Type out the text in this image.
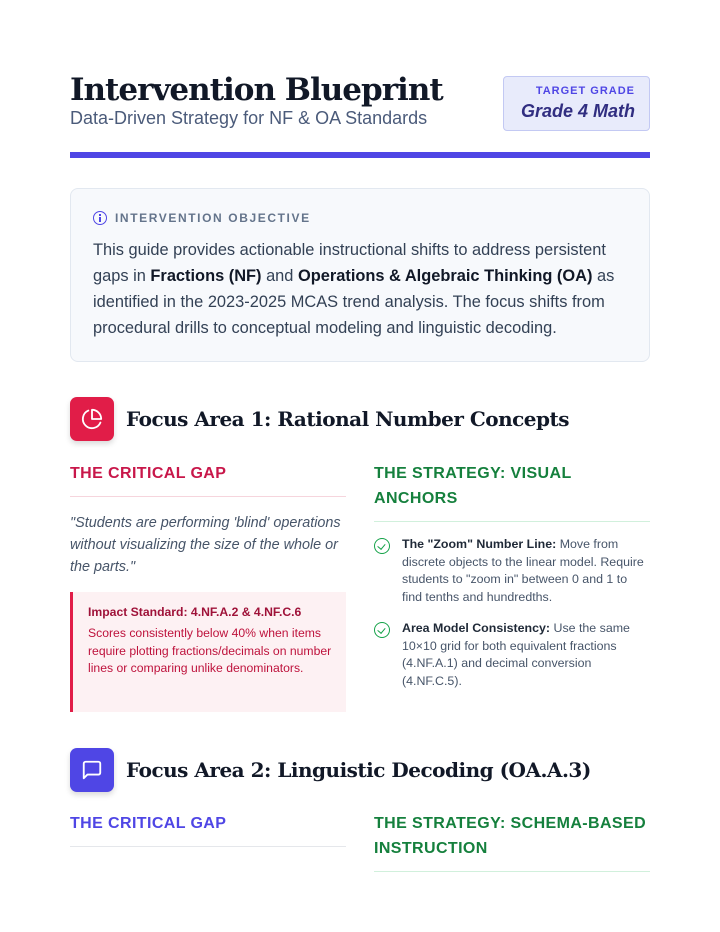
Intervention Blueprint
Data-Driven Strategy for NF & OA Standards
TARGET GRADE
Grade 4 Math
INTERVENTION OBJECTIVE

This guide provides actionable instructional shifts to address persistent gaps in Fractions (NF) and Operations & Algebraic Thinking (OA) as identified in the 2023-2025 MCAS trend analysis. The focus shifts from procedural drills to conceptual modeling and linguistic decoding.

Focus Area 1: Rational Number Concepts
THE CRITICAL GAP
"Students are performing 'blind' operations without visualizing the size of the whole or the parts."
Impact Standard: 4.NF.A.2 & 4.NF.C.6
Scores consistently below 40% when items require plotting fractions/decimals on number lines or comparing unlike denominators.
THE STRATEGY: VISUAL ANCHORS
The "Zoom" Number Line: Move from discrete objects to the linear model. Require students to "zoom in" between 0 and 1 to find tenths and hundredths.
Area Model Consistency: Use the same 10×10 grid for both equivalent fractions (4.NF.A.1) and decimal conversion (4.NF.C.5).
Focus Area 2: Linguistic Decoding (OA.A.3)
THE CRITICAL GAP	THE STRATEGY: SCHEMA-BASED INSTRUCTION
